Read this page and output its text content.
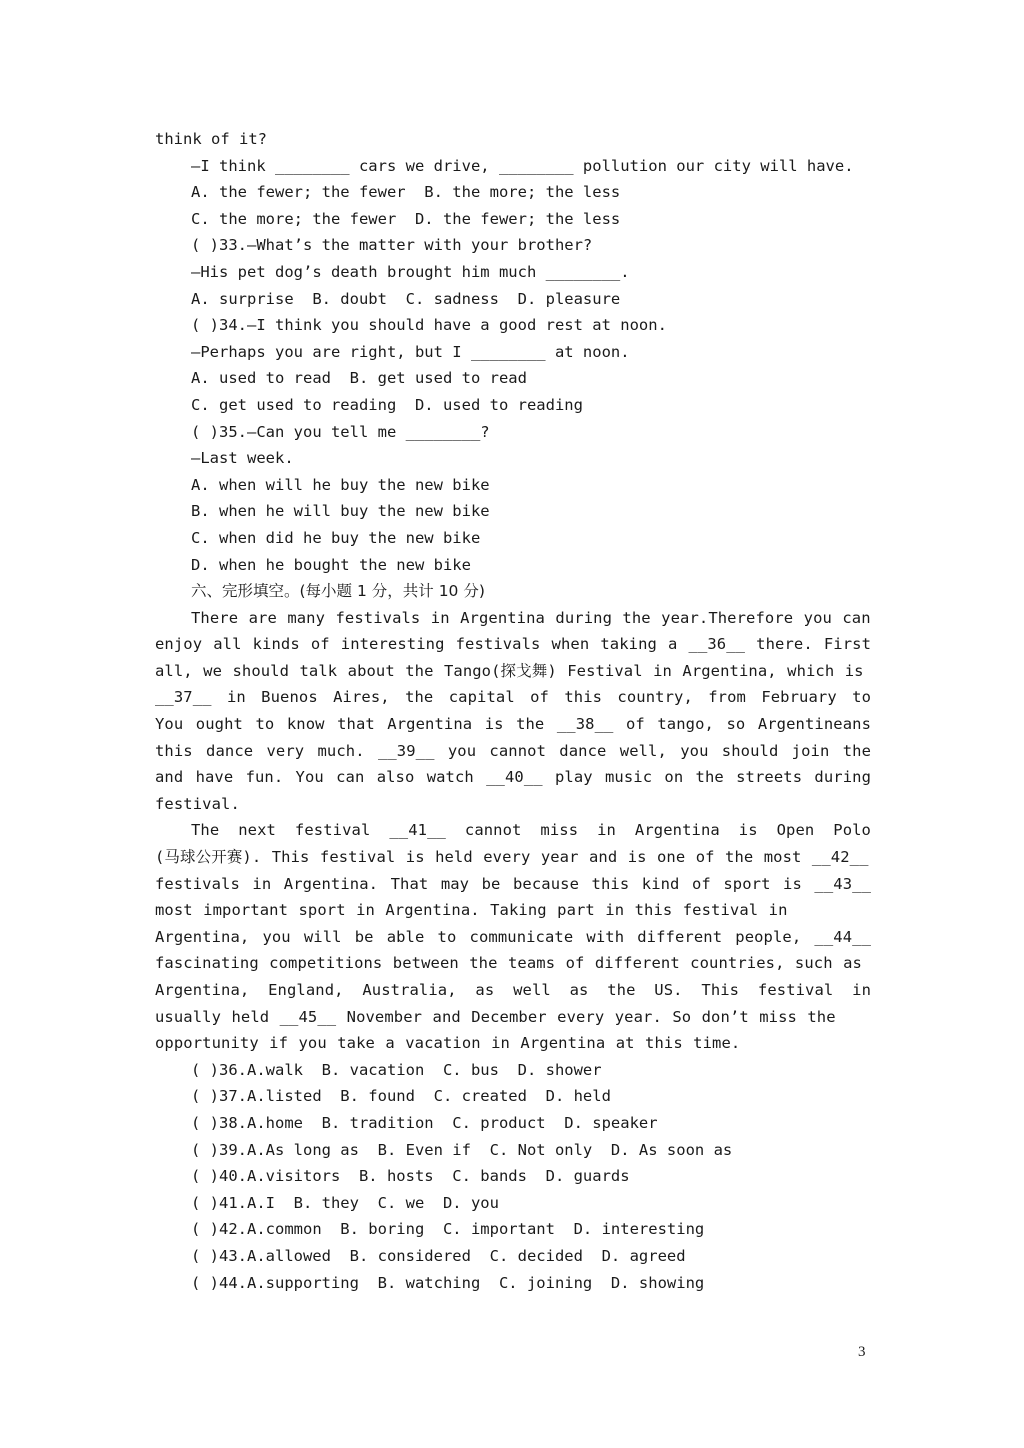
think of it?
—I think ________ cars we drive, ________ pollution our city will have.
A. the fewer; the fewer  B. the more; the less
C. the more; the fewer  D. the fewer; the less
( )33.—What’s the matter with your brother?
—His pet dog’s death brought him much ________.
A. surprise  B. doubt  C. sadness  D. pleasure
( )34.—I think you should have a good rest at noon.
—Perhaps you are right, but I ________ at noon.
A. used to read  B. get used to read
C. get used to reading  D. used to reading
( )35.—Can you tell me ________?
—Last week.
A. when will he buy the new bike
B. when he will buy the new bike
C. when did he buy the new bike
D. when he bought the new bike
六、完形填空。(每小题 1 分，共计 10 分)
There are many festivals in Argentina during the year.Therefore you can
enjoy all kinds of interesting festivals when taking a __36__ there. First
all, we should talk about the Tango(探戈舞) Festival in Argentina, which is
__37__ in Buenos Aires, the capital of this country, from February to
You ought to know that Argentina is the __38__ of tango, so Argentineans
this dance very much. __39__ you cannot dance well, you should join the
and have fun. You can also watch __40__ play music on the streets during
festival.
The next festival __41__ cannot miss in Argentina is Open Polo
(马球公开赛). This festival is held every year and is one of the most __42__
festivals in Argentina. That may be because this kind of sport is __43__
most important sport in Argentina. Taking part in this festival in
Argentina, you will be able to communicate with different people, __44__
fascinating competitions between the teams of different countries, such as
Argentina, England, Australia, as well as the US. This festival in
usually held __45__ November and December every year. So don’t miss the
opportunity if you take a vacation in Argentina at this time.
( )36.A.walk  B. vacation  C. bus  D. shower
( )37.A.listed  B. found  C. created  D. held
( )38.A.home  B. tradition  C. product  D. speaker
( )39.A.As long as  B. Even if  C. Not only  D. As soon as
( )40.A.visitors  B. hosts  C. bands  D. guards
( )41.A.I  B. they  C. we  D. you
( )42.A.common  B. boring  C. important  D. interesting
( )43.A.allowed  B. considered  C. decided  D. agreed
( )44.A.supporting  B. watching  C. joining  D. showing
3
